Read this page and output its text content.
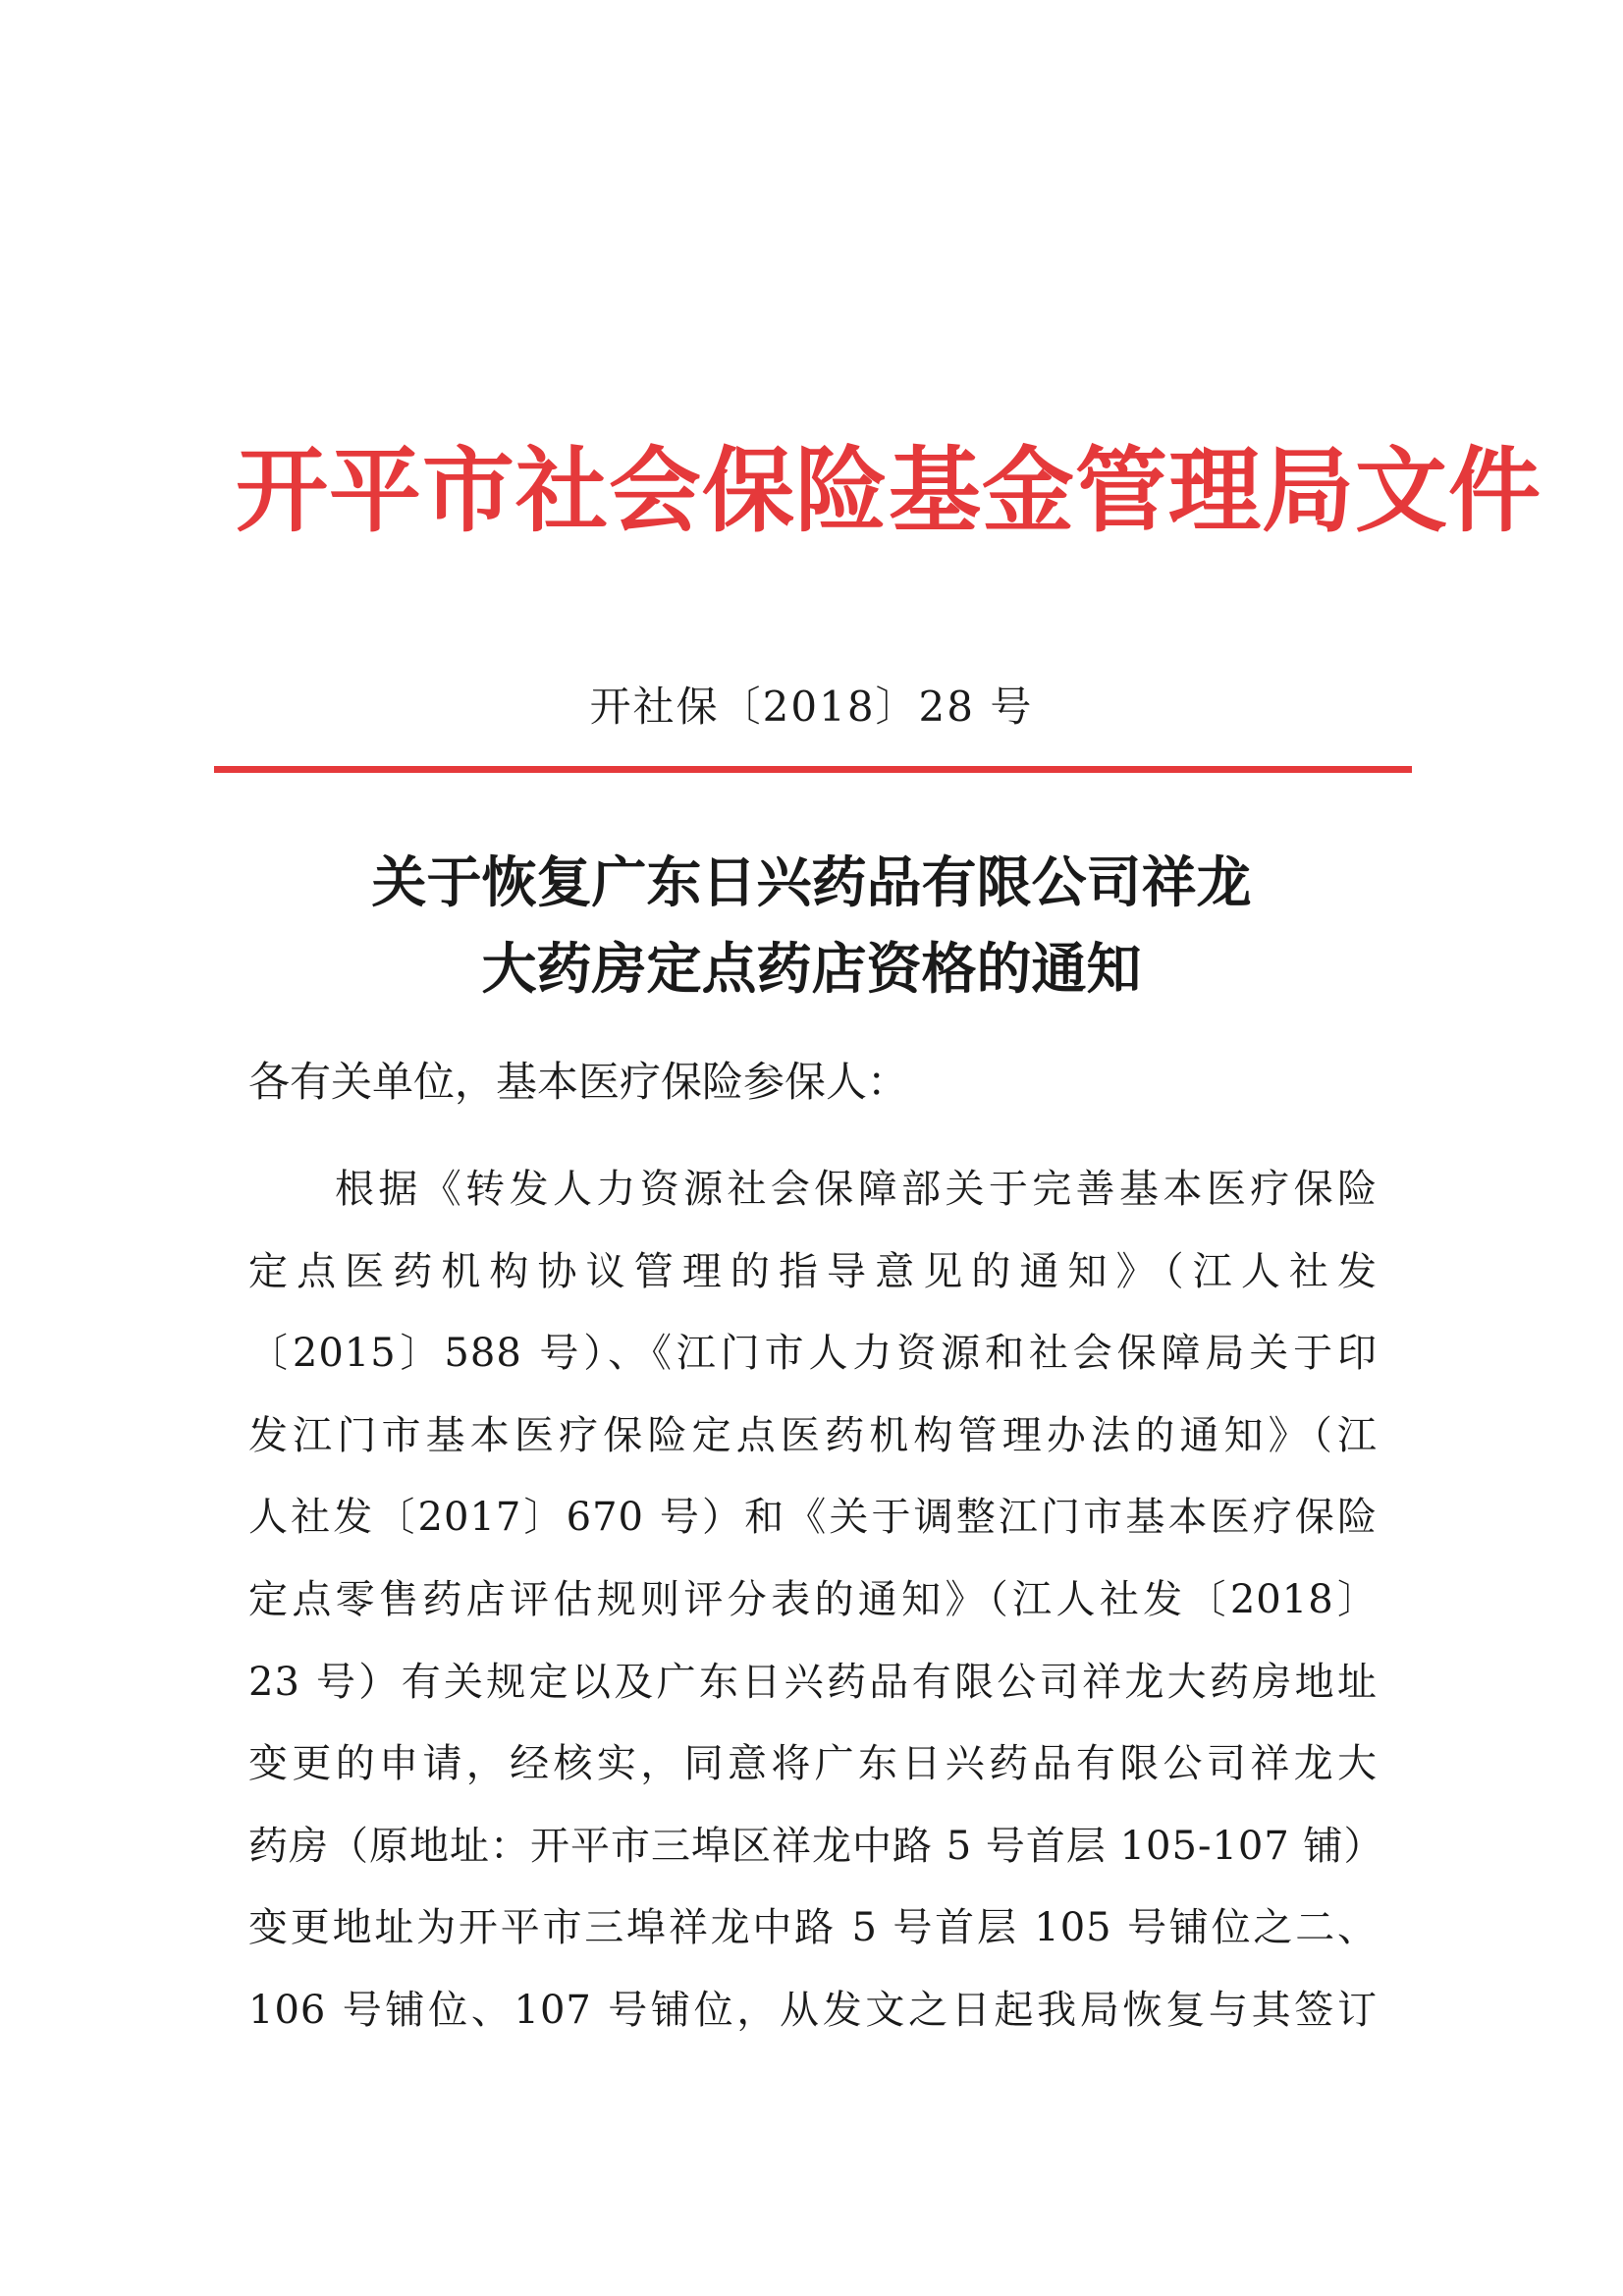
开平市社会保险基金管理局文件
开社保〔2018〕28 号
关于恢复广东日兴药品有限公司祥龙
大药房定点药店资格的通知
各有关单位，基本医疗保险参保人：
根据《转发人力资源社会保障部关于完善基本医疗保险
定点医药机构协议管理的指导意见的通知》（江人社发
〔2015〕588 号）、《江门市人力资源和社会保障局关于印
发江门市基本医疗保险定点医药机构管理办法的通知》（江
人社发〔2017〕670 号）和《关于调整江门市基本医疗保险
定点零售药店评估规则评分表的通知》（江人社发〔2018〕
23 号）有关规定以及广东日兴药品有限公司祥龙大药房地址
变更的申请，经核实，同意将广东日兴药品有限公司祥龙大
药房（原地址：开平市三埠区祥龙中路 5 号首层 105-107 铺）
变更地址为开平市三埠祥龙中路 5 号首层 105 号铺位之二、
106 号铺位、107 号铺位，从发文之日起我局恢复与其签订
